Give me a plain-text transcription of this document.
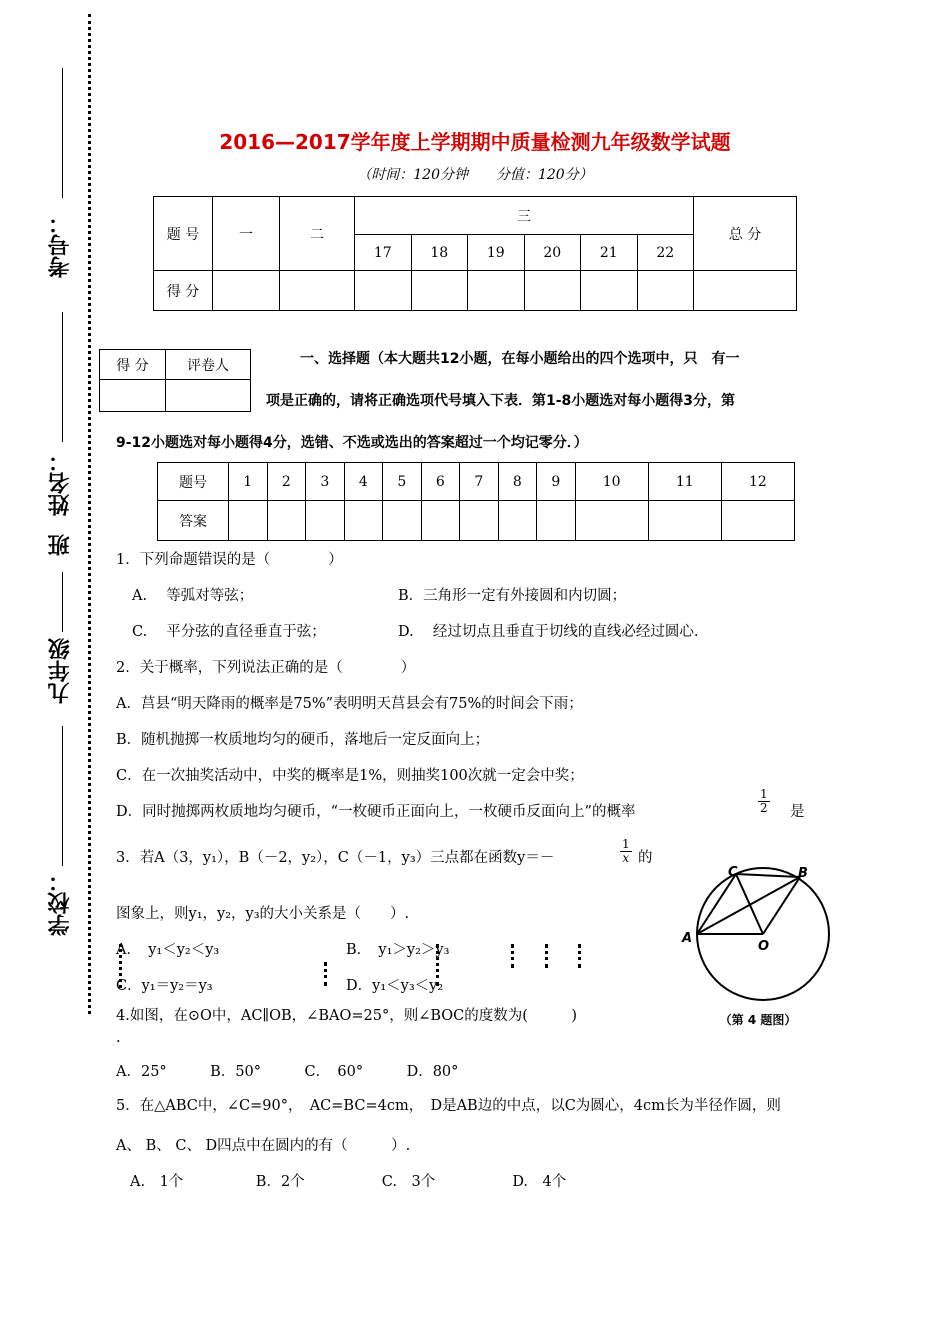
考号：
姓名：
班
九年级
学校：
2016—2017学年度上学期期中质量检测九年级数学试题
（时间：120分钟　　分值：120分）
题 号	一	二	三						总 分
			17	18	19	20	21	22	
得 分									
得 分	评卷人
		一、选择题（本大题共12小题，在每小题给出的四个选项中，只　有一
项是正确的，请将正确选项代号填入下表．第1-8小题选对每小题得3分，第
9-12小题选对每小题得4分，选错、不选或选出的答案超过一个均记零分．）
题号	1	2	3	4	5	6	7	8	9	10	11	12
答案												
1．下列命题错误的是（　　　　）
A.　 等弧对等弦；	B．三角形一定有外接圆和内切圆；
C.　 平分弦的直径垂直于弦；	D.　 经过切点且垂直于切线的直线必经过圆心.
2．关于概率，下列说法正确的是（　　　　）
A．莒县“明天降雨的概率是75%”表明明天莒县会有75%的时间会下雨；
B．随机抛掷一枚质地均匀的硬币，落地后一定反面向上；
C．在一次抽奖活动中，中奖的概率是1%，则抽奖100次就一定会中奖；
D．同时抛掷两枚质地均匀硬币，“一枚硬币正面向上，一枚硬币反面向上”的概率	$\frac{1}{2}$ 是
3．若A（3，y₁），B（－2，y₂），C（－1，y₃）三点都在函数y＝－	$\frac{1}{x}$ 的
图象上，则y₁，y₂，y₃的大小关系是（　　）.
A．　y₁＜y₂＜y₃	B．　y₁＞y₂＞y₃
C．y₁＝y₂＝y₃	D．y₁＜y₃＜y₂
C	B
A
O
（第 4 题图）
4.如图，在⊙O中，AC∥OB，∠BAO=25°，则∠BOC的度数为(　　　)
.
A．25°　　　B．50°　　　C．　60°　　　D．80°
5．在△ABC中，∠C=90°，　AC=BC=4cm，　D是AB边的中点，以C为圆心，4cm长为半径作圆，则
A、 B、 C、 D四点中在圆内的有（　　　）.
A.　1个　　　　　B．2个　　　　　 C.　3个　　　　　 D.　4个
